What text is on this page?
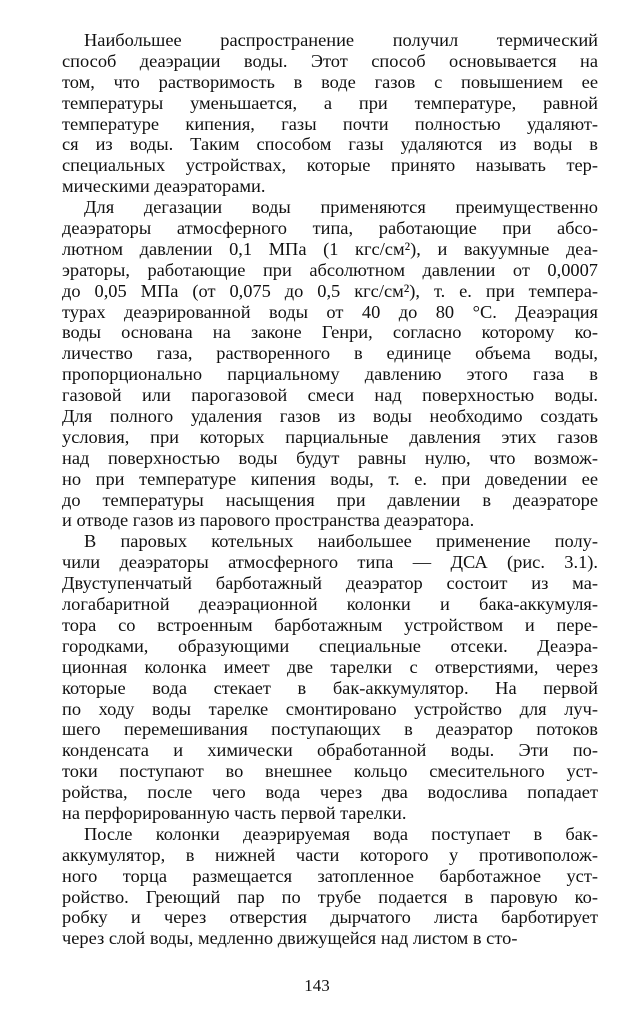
Наибольшее распространение получил термический
способ деаэрации воды. Этот способ основывается на
том, что растворимость в воде газов с повышением ее
температуры уменьшается, а при температуре, равной
температуре кипения, газы почти полностью удаляют-
ся из воды. Таким способом газы удаляются из воды в
специальных устройствах, которые принято называть тер-
мическими деаэраторами.
Для дегазации воды применяются преимущественно
деаэраторы атмосферного типа, работающие при абсо-
лютном давлении 0,1 МПа (1 кгс/см²), и вакуумные деа-
эраторы, работающие при абсолютном давлении от 0,0007
до 0,05 МПа (от 0,075 до 0,5 кгс/см²), т. е. при темпера-
турах деаэрированной воды от 40 до 80 °С. Деаэрация
воды основана на законе Генри, согласно которому ко-
личество газа, растворенного в единице объема воды,
пропорционально парциальному давлению этого газа в
газовой или парогазовой смеси над поверхностью воды.
Для полного удаления газов из воды необходимо создать
условия, при которых парциальные давления этих газов
над поверхностью воды будут равны нулю, что возмож-
но при температуре кипения воды, т. е. при доведении ее
до температуры насыщения при давлении в деаэраторе
и отводе газов из парового пространства деаэратора.
В паровых котельных наибольшее применение полу-
чили деаэраторы атмосферного типа — ДСА (рис. 3.1).
Двуступенчатый барботажный деаэратор состоит из ма-
логабаритной деаэрационной колонки и бака-аккумуля-
тора со встроенным барботажным устройством и пере-
городками, образующими специальные отсеки. Деаэра-
ционная колонка имеет две тарелки с отверстиями, через
которые вода стекает в бак-аккумулятор. На первой
по ходу воды тарелке смонтировано устройство для луч-
шего перемешивания поступающих в деаэратор потоков
конденсата и химически обработанной воды. Эти по-
токи поступают во внешнее кольцо смесительного уст-
ройства, после чего вода через два водослива попадает
на перфорированную часть первой тарелки.
После колонки деаэрируемая вода поступает в бак-
аккумулятор, в нижней части которого у противополож-
ного торца размещается затопленное барботажное уст-
ройство. Греющий пар по трубе подается в паровую ко-
робку и через отверстия дырчатого листа барботирует
через слой воды, медленно движущейся над листом в сто-
143
